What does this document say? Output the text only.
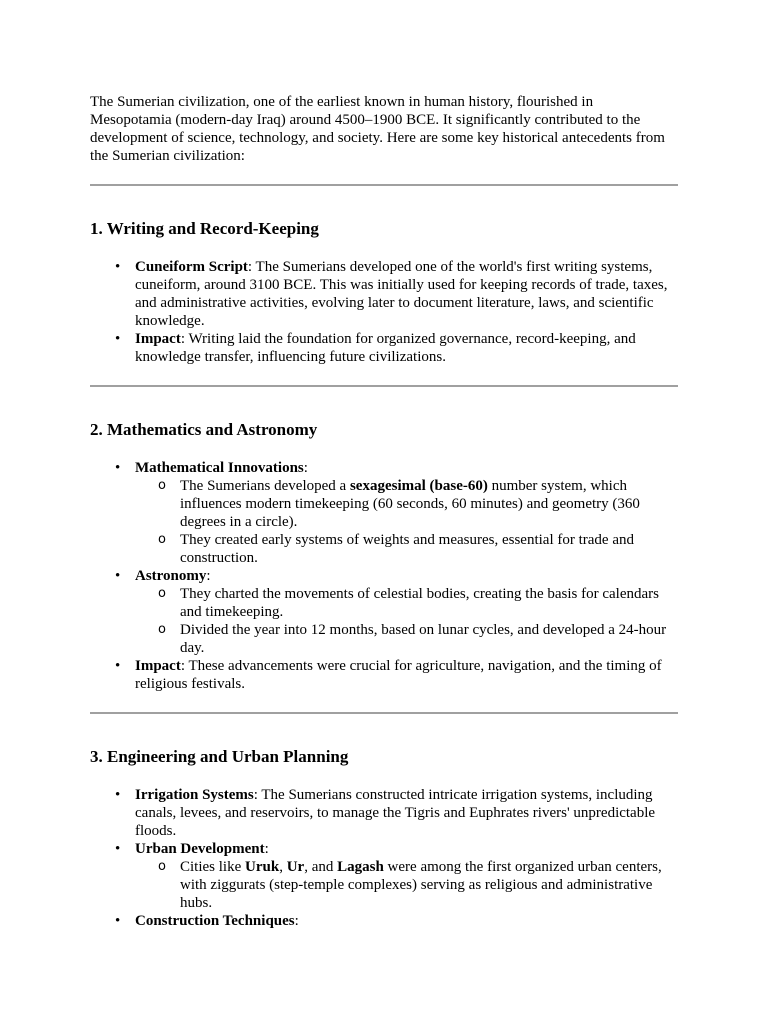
The Sumerian civilization, one of the earliest known in human history, flourished in Mesopotamia (modern-day Iraq) around 4500–1900 BCE. It significantly contributed to the development of science, technology, and society. Here are some key historical antecedents from the Sumerian civilization:

1. Writing and Record-Keeping
• Cuneiform Script: The Sumerians developed one of the world's first writing systems, cuneiform, around 3100 BCE. This was initially used for keeping records of trade, taxes, and administrative activities, evolving later to document literature, laws, and scientific knowledge.
• Impact: Writing laid the foundation for organized governance, record-keeping, and knowledge transfer, influencing future civilizations.
2. Mathematics and Astronomy
• Mathematical Innovations:
o The Sumerians developed a sexagesimal (base-60) number system, which influences modern timekeeping (60 seconds, 60 minutes) and geometry (360 degrees in a circle).
o They created early systems of weights and measures, essential for trade and construction.
• Astronomy:
o They charted the movements of celestial bodies, creating the basis for calendars and timekeeping.
o Divided the year into 12 months, based on lunar cycles, and developed a 24-hour day.
• Impact: These advancements were crucial for agriculture, navigation, and the timing of religious festivals.
3. Engineering and Urban Planning
• Irrigation Systems: The Sumerians constructed intricate irrigation systems, including canals, levees, and reservoirs, to manage the Tigris and Euphrates rivers' unpredictable floods.
• Urban Development:
o Cities like Uruk, Ur, and Lagash were among the first organized urban centers, with ziggurats (step-temple complexes) serving as religious and administrative hubs.
• Construction Techniques:
